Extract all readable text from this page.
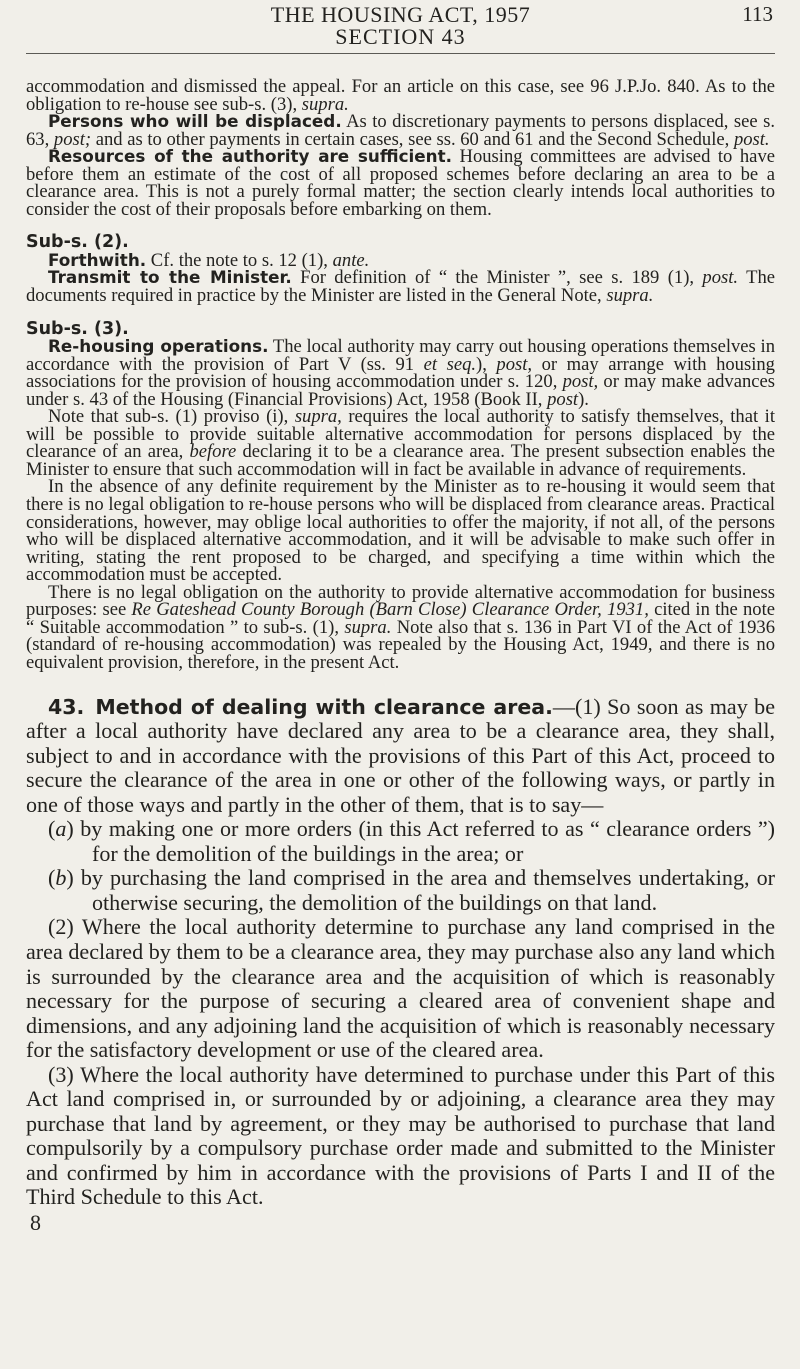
THE HOUSING ACT, 1957
SECTION 43
113

accommodation and dismissed the appeal. For an article on this case, see 96 J.P.Jo. 840. As to the obligation to re-house see sub-s. (3), supra.

Persons who will be displaced. As to discretionary payments to persons displaced, see s. 63, post; and as to other payments in certain cases, see ss. 60 and 61 and the Second Schedule, post.

Resources of the authority are sufficient. Housing committees are advised to have before them an estimate of the cost of all proposed schemes before declaring an area to be a clearance area. This is not a purely formal matter; the section clearly intends local authorities to consider the cost of their proposals before embarking on them.

Sub-s. (2).

Forthwith. Cf. the note to s. 12 (1), ante.

Transmit to the Minister. For definition of “ the Minister ”, see s. 189 (1), post. The documents required in practice by the Minister are listed in the General Note, supra.

Sub-s. (3).

Re-housing operations. The local authority may carry out housing operations themselves in accordance with the provision of Part V (ss. 91 et seq.), post, or may arrange with housing associations for the provision of housing accommodation under s. 120, post, or may make advances under s. 43 of the Housing (Financial Provisions) Act, 1958 (Book II, post).

Note that sub-s. (1) proviso (i), supra, requires the local authority to satisfy themselves, that it will be possible to provide suitable alternative accommodation for persons displaced by the clearance of an area, before declaring it to be a clearance area. The present subsection enables the Minister to ensure that such accommodation will in fact be available in advance of requirements.

In the absence of any definite requirement by the Minister as to re-housing it would seem that there is no legal obligation to re-house persons who will be displaced from clearance areas. Practical considerations, however, may oblige local authorities to offer the majority, if not all, of the persons who will be displaced alternative accommodation, and it will be advisable to make such offer in writing, stating the rent proposed to be charged, and specifying a time within which the accommodation must be accepted.

There is no legal obligation on the authority to provide alternative accommodation for business purposes: see Re Gateshead County Borough (Barn Close) Clearance Order, 1931, cited in the note “ Suitable accommodation ” to sub-s. (1), supra. Note also that s. 136 in Part VI of the Act of 1936 (standard of re-housing accommodation) was repealed by the Housing Act, 1949, and there is no equivalent provision, therefore, in the present Act.

43.  Method of dealing with clearance area.—(1) So soon as may be after a local authority have declared any area to be a clearance area, they shall, subject to and in accordance with the provisions of this Part of this Act, proceed to secure the clearance of the area in one or other of the following ways, or partly in one of those ways and partly in the other of them, that is to say—

(a) by making one or more orders (in this Act referred to as “ clearance orders ”) for the demolition of the buildings in the area; or

(b) by purchasing the land comprised in the area and themselves undertaking, or otherwise securing, the demolition of the buildings on that land.

(2) Where the local authority determine to purchase any land comprised in the area declared by them to be a clearance area, they may purchase also any land which is surrounded by the clearance area and the acquisition of which is reasonably necessary for the purpose of securing a cleared area of convenient shape and dimensions, and any adjoining land the acquisition of which is reasonably necessary for the satisfactory development or use of the cleared area.

(3) Where the local authority have determined to purchase under this Part of this Act land comprised in, or surrounded by or adjoining, a clearance area they may purchase that land by agreement, or they may be authorised to purchase that land compulsorily by a compulsory purchase order made and submitted to the Minister and confirmed by him in accordance with the provisions of Parts I and II of the Third Schedule to this Act.

8
